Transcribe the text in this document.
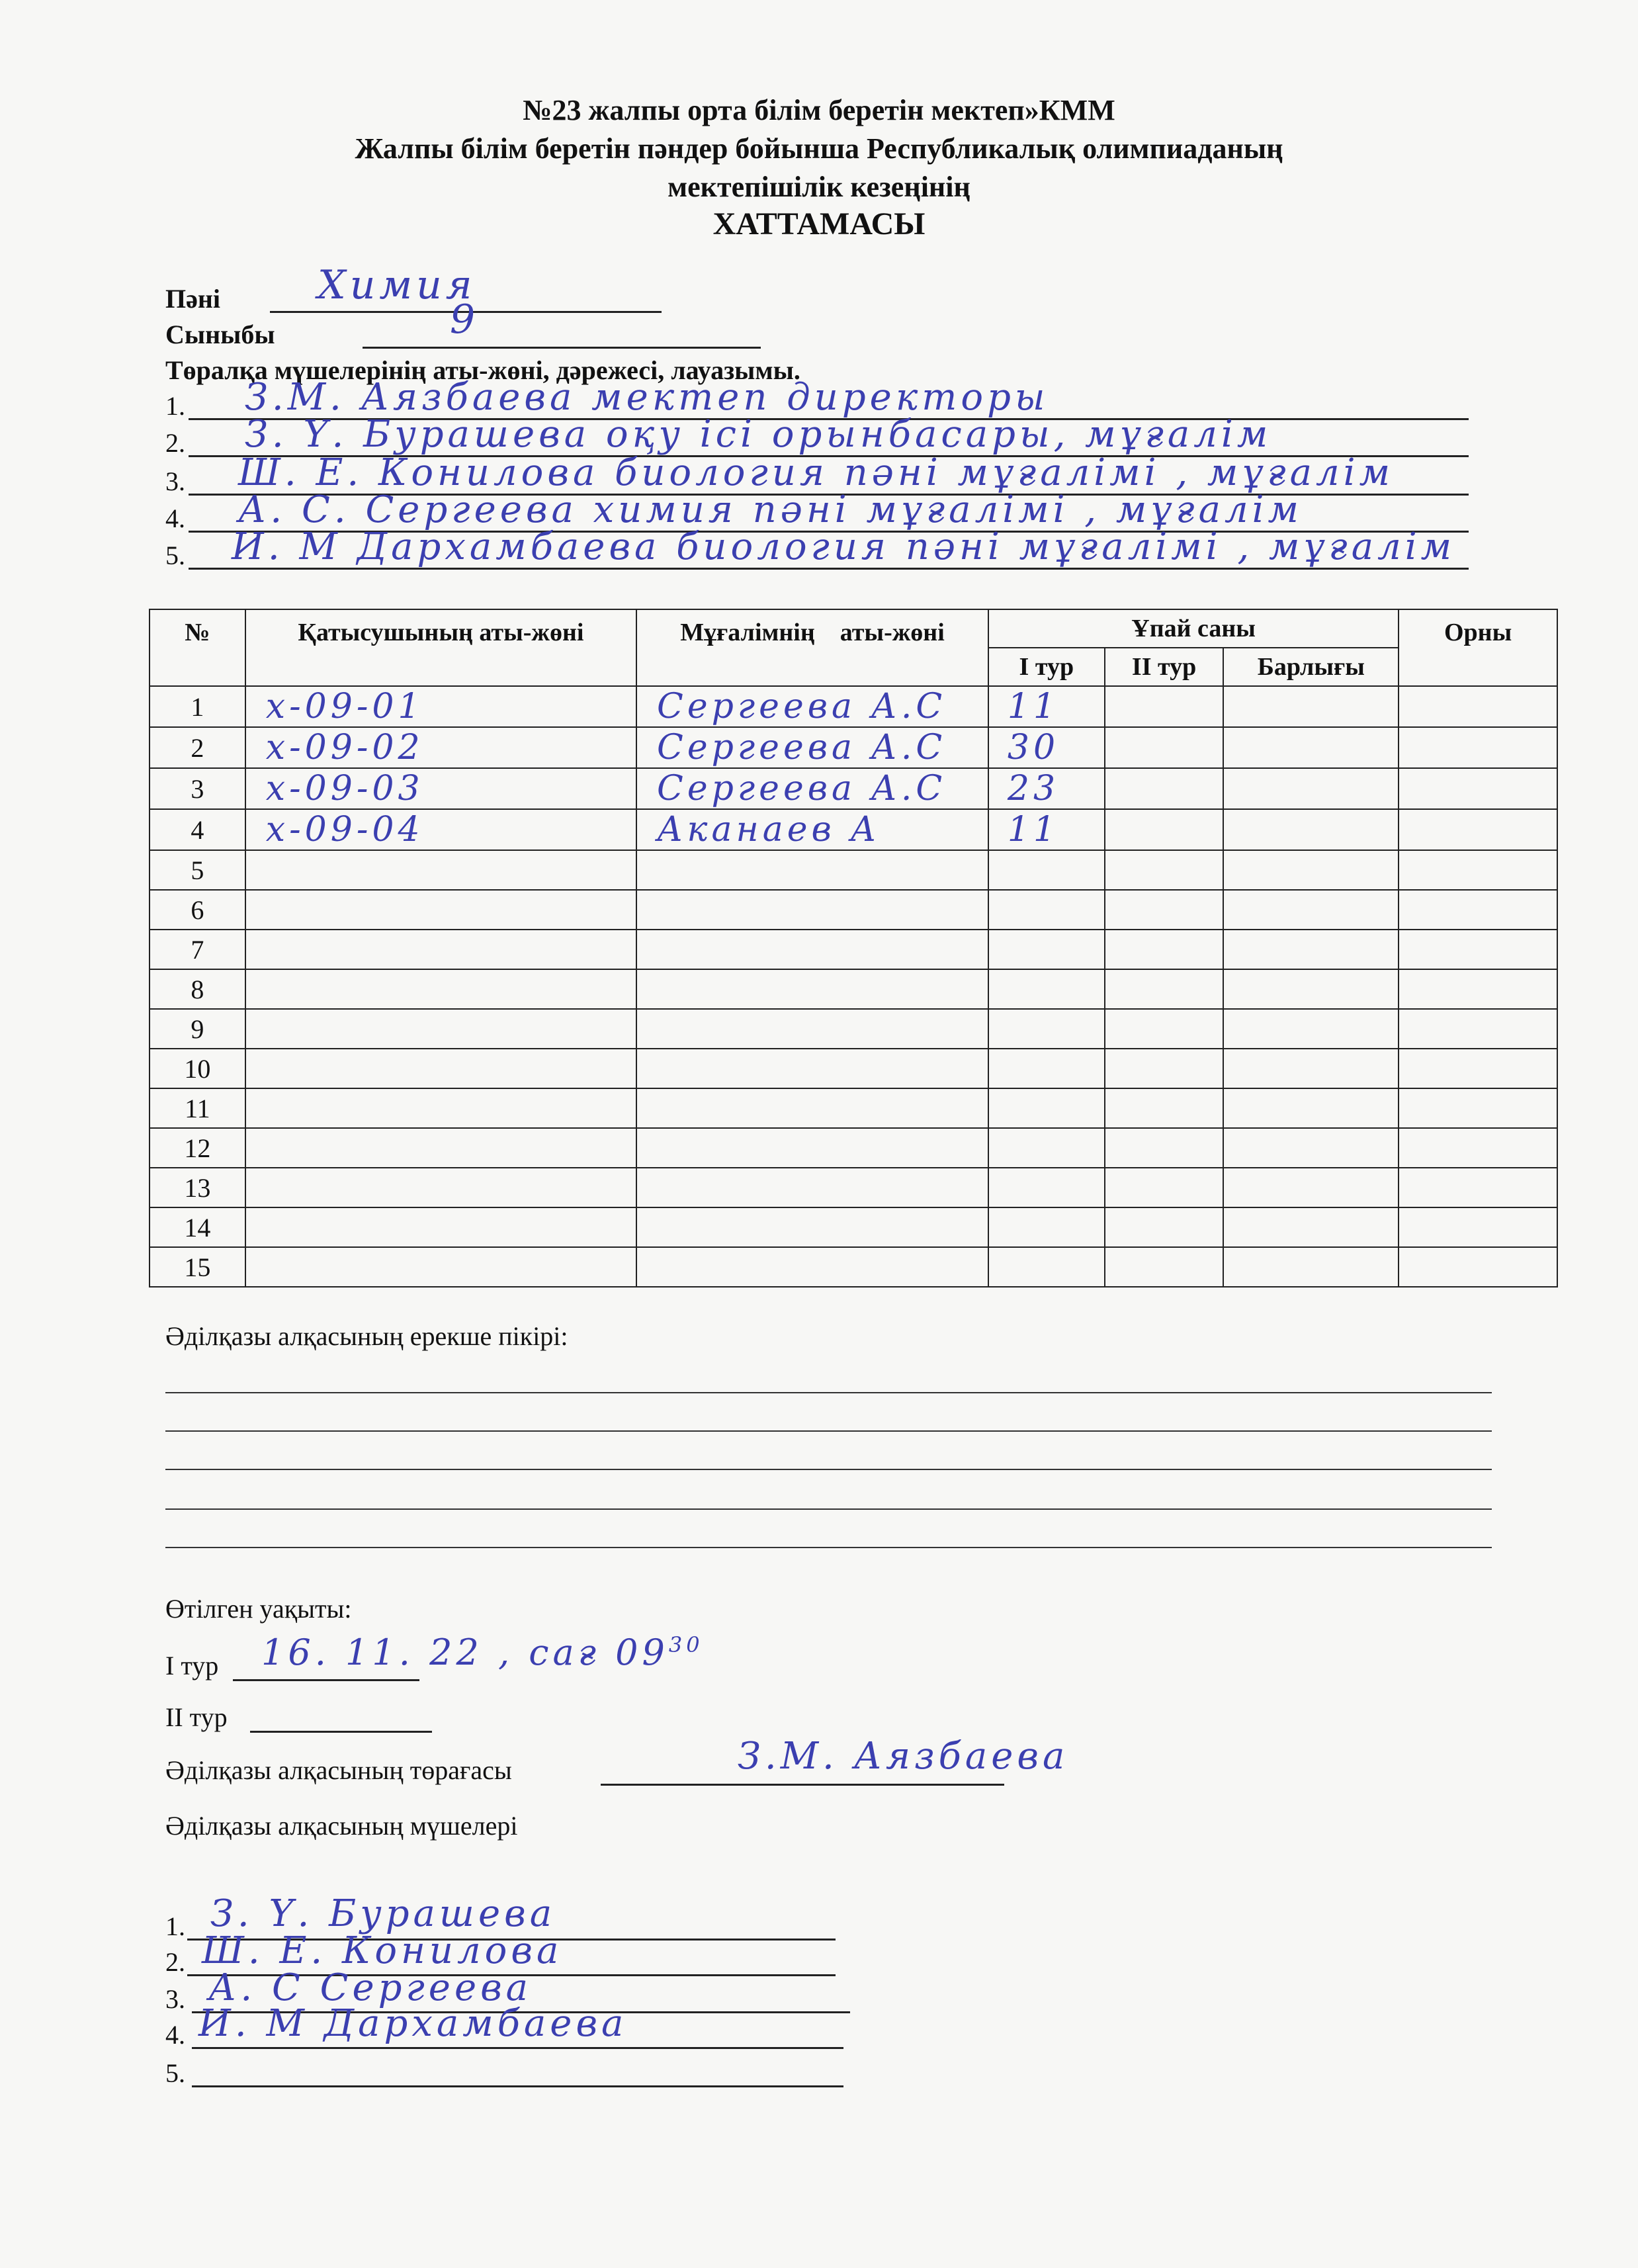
№23 жалпы орта білім беретін мектеп»КММ
Жалпы білім беретін пәндер бойынша Республикалық олимпиаданың
мектепішілік кезеңінің
ХАТТАМАСЫ
Пәні Химия
Сыныбы	9
Төралқа мүшелерінің аты-жөні, дәрежесі, лауазымы.
1. З.М. Аязбаева мектеп директоры
2. З. Ү. Бурашева оқу ісі орынбасары, мұғалім
3. Ш. Е. Конилова биология пәні мұғалімі , мұғалім
4. А. С. Сергеева химия пәні мұғалімі , мұғалім
5. И. М Дархамбаева биология пәні мұғалімі , мұғалім
№	Қатысушының аты-жөні	Мұғалімнің    аты-жөні	Ұпай саны			Орны
			I тур	II тур	Барлығы	
1	х-09-01	Сергеева А.С	11			
2	х-09-02	Сергеева А.С	30			
3	х-09-03	Сергеева А.С	23			
4	х-09-04	Аканаев А	11			
5						
6						
7						
8						
9						
10						
11						
12						
13						
14						
15						
Әділқазы алқасының ерекше пікірі:
Өтілген уақыты:
I тур 16. 11. 22 , сағ $09^{30}$
II тур
Әділқазы алқасының төрағасы	З.М. Аязбаева
Әділқазы алқасының мүшелері
1. З. Ү. Бурашева
2. Ш. Е. Конилова
3. А. С Сергеева
4. И. М Дархамбаева
5.
